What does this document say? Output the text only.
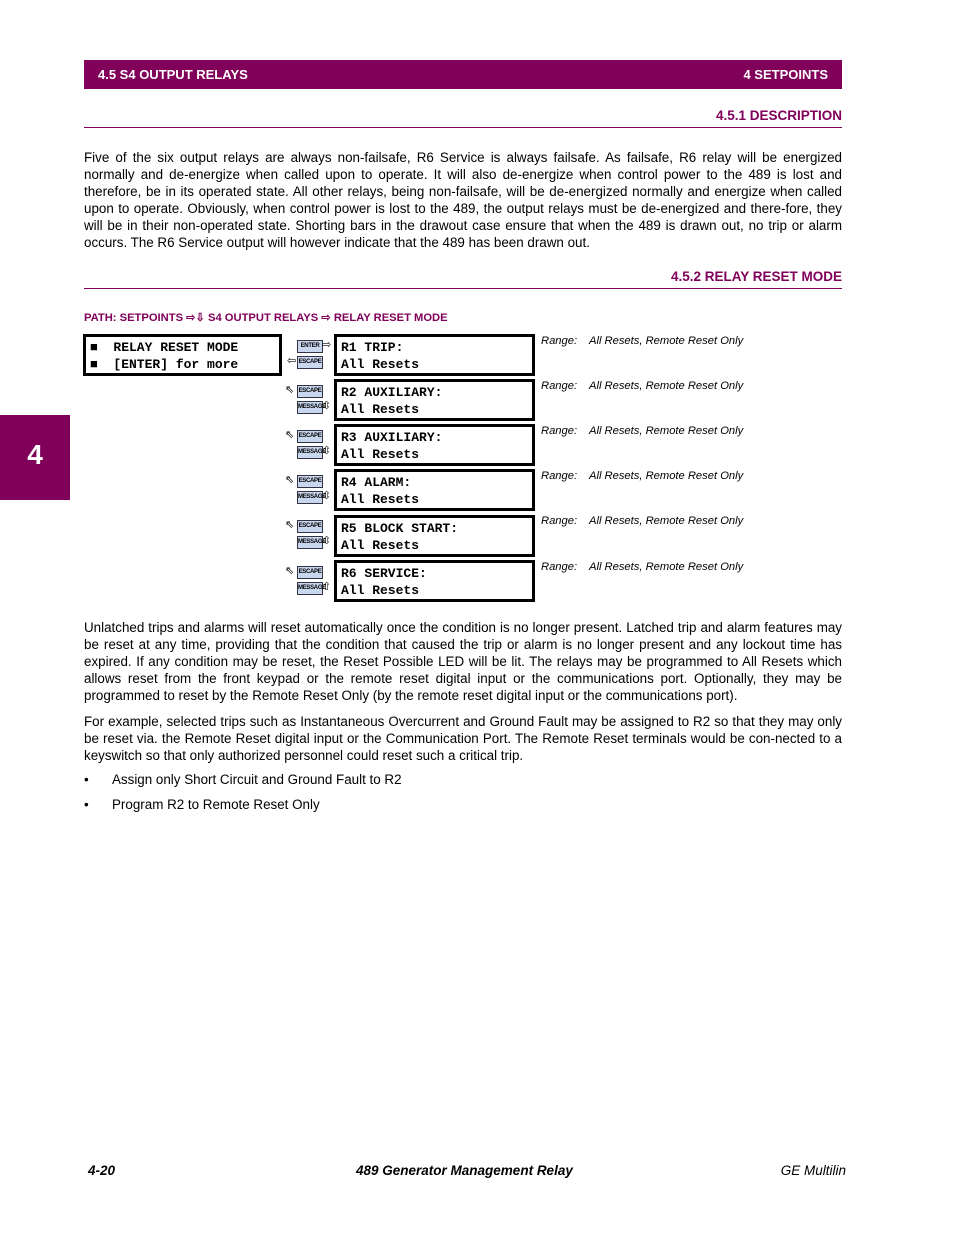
4.5 S4 OUTPUT RELAYS	4 SETPOINTS
4.5.1 DESCRIPTION

Five of the six output relays are always non-failsafe, R6 Service is always failsafe. As failsafe, R6 relay will be energized normally and de-energize when called upon to operate. It will also de-energize when control power to the 489 is lost and therefore, be in its operated state. All other relays, being non-failsafe, will be de-energized normally and energize when called upon to operate. Obviously, when control power is lost to the 489, the output relays must be de-energized and there-fore, they will be in their non-operated state. Shorting bars in the drawout case ensure that when the 489 is drawn out, no trip or alarm occurs. The R6 Service output will however indicate that the 489 has been drawn out.

4.5.2 RELAY RESET MODE
PATH: SETPOINTS ⇨⇩ S4 OUTPUT RELAYS ⇨ RELAY RESET MODE
4
■  RELAY RESET MODE
■  [ENTER] for more
ENTER ⇨
⇦ ESCAPE
⇖ ESCAPE
MESSAGE
⇳
⇖ ESCAPE
MESSAGE
⇳
⇖ ESCAPE
MESSAGE
⇳
⇖ ESCAPE
MESSAGE
⇳
⇖ ESCAPE
MESSAGE
⇧
R1 TRIP:
All Resets
Range: All Resets, Remote Reset Only
R2 AUXILIARY:
All Resets
Range: All Resets, Remote Reset Only
R3 AUXILIARY:
All Resets
Range: All Resets, Remote Reset Only
R4 ALARM:
All Resets
Range: All Resets, Remote Reset Only
R5 BLOCK START:
All Resets
Range: All Resets, Remote Reset Only
R6 SERVICE:
All Resets
Range: All Resets, Remote Reset Only

Unlatched trips and alarms will reset automatically once the condition is no longer present. Latched trip and alarm features may be reset at any time, providing that the condition that caused the trip or alarm is no longer present and any lockout time has expired. If any condition may be reset, the Reset Possible LED will be lit. The relays may be programmed to All Resets which allows reset from the front keypad or the remote reset digital input or the communications port. Optionally, they may be programmed to reset by the Remote Reset Only (by the remote reset digital input or the communications port).

For example, selected trips such as Instantaneous Overcurrent and Ground Fault may be assigned to R2 so that they may only be reset via. the Remote Reset digital input or the Communication Port. The Remote Reset terminals would be con-nected to a keyswitch so that only authorized personnel could reset such a critical trip.

• Assign only Short Circuit and Ground Fault to R2
• Program R2 to Remote Reset Only
4-20	489 Generator Management Relay	GE Multilin
